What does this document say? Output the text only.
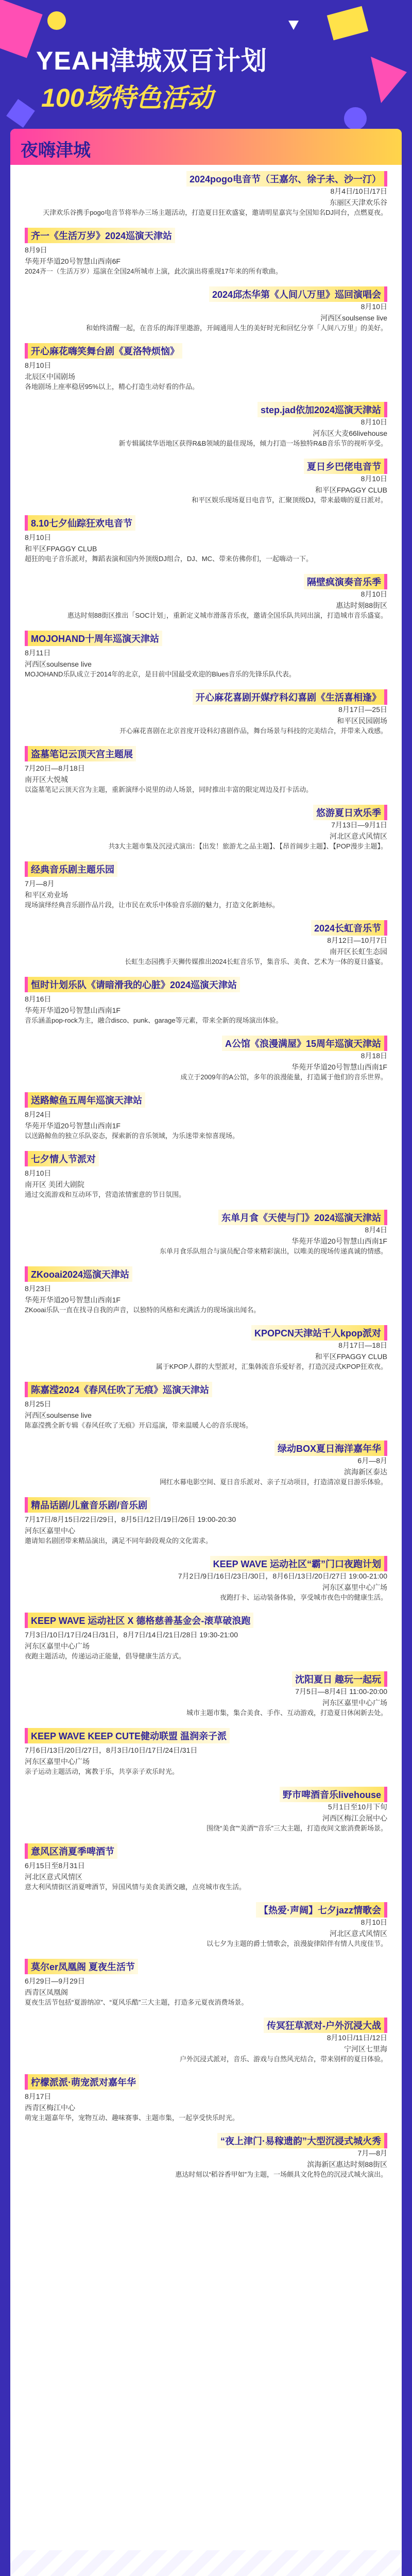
YEAH津城双百计划
100场特色活动
夜嗨津城
2024pogo电音节（王嘉尔、徐子未、沙一汀）
8月4日/10日/17日
东丽区天津欢乐谷
天津欢乐谷携手pogo电音节将举办三场主题活动，打造夏日狂欢盛宴，邀请明星嘉宾与全国知名DJ同台，点燃夏夜。
齐一《生活万岁》2024巡演天津站
8月9日
华苑开华道20号智慧山西南6F
2024齐一（生活万岁）巡演在全国24所城市上演，此次演出将重现17年来的所有歌曲。
2024邱杰华第《人间八万里》巡回演唱会
8月10日
河西区soulsense live
和始终清醒一起，在音乐的海洋里遨游，开阔通用人生的美好时光和回忆分享「人间八万里」的美好。
开心麻花嗨笑舞台剧《夏洛特烦恼》
8月10日
北辰区中国剧场
各地剧场上座率稳居95%以上，精心打造生动好看的作品。
step.jad依加2024巡演天津站
8月10日
河东区大麦66livehouse
新专辑属续华语地区获得R&B领域的最佳现场，倾力打造一场独特R&B音乐节的视听享受。
夏日乡巴佬电音节
8月10日
和平区FPAGGY CLUB
和平区娱乐现场夏日电音节，汇聚顶级DJ，带来最嗨的夏日派对。
8.10七夕仙踪狂欢电音节
8月10日
和平区FPAGGY CLUB
超狂的电子音乐派对，舞蹈表演和国内外顶级DJ组合，DJ、MC、带来仿佛你们，一起嗨动一下。
隔壁疯演奏音乐季
8月10日
惠达时刻88街区
惠达时刻88街区推出「SOC计划」，重新定义城市滑落音乐夜，邀请全国乐队共同出演，打造城市音乐盛宴。
MOJOHAND十周年巡演天津站
8月11日
河西区soulsense live
MOJOHAND乐队成立于2014年的北京，是目前中国最受欢迎的Blues音乐的先锋乐队代表。
开心麻花喜剧开媒疗科幻喜剧《生活喜相逢》
8月17日—25日
和平区民园剧场
开心麻花喜剧在北京首度开设科幻喜剧作品，舞台场景与科技的完美结合，并带来入戏感。
盗墓笔记云顶天宫主题展
7月20日—8月18日
南开区大悦城
以盗墓笔记云顶天宫为主题，重新演绎小说里的动人场景，同时推出丰富的限定周边及打卡活动。
悠游夏日欢乐季
7月13日—9月1日
河北区意式风情区
共3大主题市集及沉浸式演出：【出发！旅游尤之品主题】、【昂首阔步主题】、【POP漫步主题】。
经典音乐剧主题乐园
7月—8月
和平区劝业场
现场演绎经典音乐剧作品片段，让市民在欢乐中体验音乐剧的魅力，打造文化新地标。
2024长虹音乐节
8月12日—10月7日
南开区长虹生态园
长虹生态园携手天狮传媒推出2024长虹音乐节，集音乐、美食、艺术为一体的夏日盛宴。
恒时计划乐队《请暗滑我的心脏》2024巡演天津站
8月16日
华苑开华道20号智慧山西南1F
音乐涵盖pop-rock为主，融合disco、punk、garage等元素，带来全新的现场演出体验。
A公馆《浪漫满屋》15周年巡演天津站
8月18日
华苑开华道20号智慧山西南1F
成立于2009年的A公馆，多年的浪漫能量，打造属于他们的音乐世界。
送路鲸鱼五周年巡演天津站
8月24日
华苑开华道20号智慧山西南1F
以送路鲸鱼的独立乐队姿态，探索新的音乐领域，为乐迷带来惊喜现场。
七夕情人节派对
8月10日
南开区 美团大剧院
通过交流游戏和互动环节，营造浓情蜜意的节日氛围。
东单月食《天使与门》2024巡演天津站
8月4日
华苑开华道20号智慧山西南1F
东单月食乐队组合与演员配合带来精彩演出，以唯美的现场传递真诚的情感。
ZKooai2024巡演天津站
8月23日
华苑开华道20号智慧山西南1F
ZKooai乐队一直在找寻自我的声音，以独特的风格和充满活力的现场演出闻名。
KPOPCN天津站千人kpop派对
8月17日—18日
和平区FPAGGY CLUB
属于KPOP人群的大型派对，汇集韩流音乐爱好者，打造沉浸式KPOP狂欢夜。
陈嘉滢2024《春风任吹了无痕》巡演天津站
8月25日
河西区soulsense live
陈嘉滢携全新专辑《春风任吹了无痕》开启巡演，带来温暖人心的音乐现场。
绿动BOX夏日海洋嘉年华
6月—8月
滨海新区泰达
网红水幕电影空间、夏日音乐派对、亲子互动项目，打造清凉夏日游乐体验。
精品话剧/儿童音乐剧/音乐剧
7月17日/8月15日/22日/29日，8月5日/12日/19日/26日 19:00-20:30
河东区嘉里中心
邀请知名剧团带来精品演出，满足不同年龄段观众的文化需求。
KEEP WAVE 运动社区“霸”门口夜跑计划
7月2日/9日/16日/23日/30日，8月6日/13日/20日/27日 19:00-21:00
河东区嘉里中心广场
夜跑打卡、运动装备体验，享受城市夜色中的健康生活。
KEEP WAVE 运动社区 X 德格慈善基金会-滚草破浪跑
7月3日/10日/17日/24日/31日，8月7日/14日/21日/28日 19:30-21:00
河东区嘉里中心广场
夜跑主题活动，传递运动正能量，倡导健康生活方式。
沈阳夏日 趣玩一起玩
7月5日—8月4日 11:00-20:00
河东区嘉里中心广场
城市主题市集，集合美食、手作、互动游戏，打造夏日休闲新去处。
KEEP WAVE KEEP CUTE健动联盟 温润亲子派
7月6日/13日/20日/27日，8月3日/10日/17日/24日/31日
河东区嘉里中心广场
亲子运动主题活动，寓教于乐，共享亲子欢乐时光。
野市啤酒音乐livehouse
5月1日至10月下旬
河西区梅江会展中心
围绕“美食”“美酒”“音乐”三大主题，打造夜间文旅消费新场景。
意风区消夏季啤酒节
6月15日至8月31日
河北区意式风情区
意大利风情街区消夏啤酒节，异国风情与美食美酒交融，点亮城市夜生活。
【热爱·声阔】七夕jazz情歌会
8月10日
河北区意式风情区
以七夕为主题的爵士情歌会，浪漫旋律陪伴有情人共度佳节。
莫尔er凤凰阁 夏夜生活节
6月29日—9月29日
西青区凤凰阁
夏夜生活节包括“夏游纳凉”、“夏风乐酷”三大主题，打造多元夏夜消费场景。
传冥狂草派对-户外沉浸大战
8月10日/11日/12日
宁河区七里海
户外沉浸式派对，音乐、游戏与自然风光结合，带来别样的夏日体验。
柠檬派派·萌宠派对嘉年华
8月17日
西青区梅江中心
萌宠主题嘉年华，宠物互动、趣味赛事、主题市集，一起享受快乐时光。
“夜上津门·易稼遗韵”大型沉浸式城火秀
7月—8月
滨海新区惠达时刻88街区
惠达时刻以“稻谷香甲如”为主题，一场颇具文化特色的沉浸式城火演出。
